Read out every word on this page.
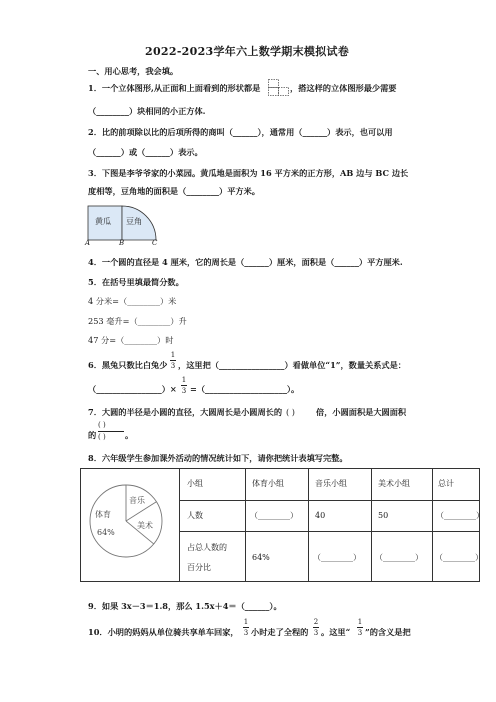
2022-2023学年六上数学期末模拟试卷
一、用心思考，我会填。
1．一个立体图形,从正面和上面看到的形状都是	，搭这样的立体图形最少需要
（________）块相同的小正方体.
2．比的前项除以比的后项所得的商叫（______），通常用（______）表示，也可以用
（______）或（______）表示。
3．下图是李爷爷家的小菜园。黄瓜地是面积为 16 平方米的正方形，AB 边与 BC 边长
度相等，豆角地的面积是（________）平方米。
黄瓜 豆角
A	B	C
4．一个圆的直径是 4 厘米，它的周长是（______）厘米，面积是（______）平方厘米.
5．在括号里填最简分数。
4 分米=（________）米
253 毫升=（________）升
47 分=（________）时
6．黑兔只数比白兔少
1
3 ，这里把（________________）看做单位“1”，数量关系式是：
（________________）×
1
3 =（____________________）。
7．大圆的半径是小圆的直径，大圆周长是小圆周长的 ( )	倍，小圆面积是大圆面积
的
( )
( ) 。
8．六年级学生参加课外活动的情况统计如下，请你把统计表填写完整。
体育
64%
音乐
美术
小组	体育小组	音乐小组	美术小组	总计
人数	（________） 40	50	（________）
占总人数的
百分比
64%	（________） （________） （________）
9．如果 3x－3＝1.8，那么 1.5x＋4＝（______）。
10．小明的妈妈从单位骑共享单车回家，
1
3 小时走了全程的
2
3 。这里“
1
3 ”的含义是把
